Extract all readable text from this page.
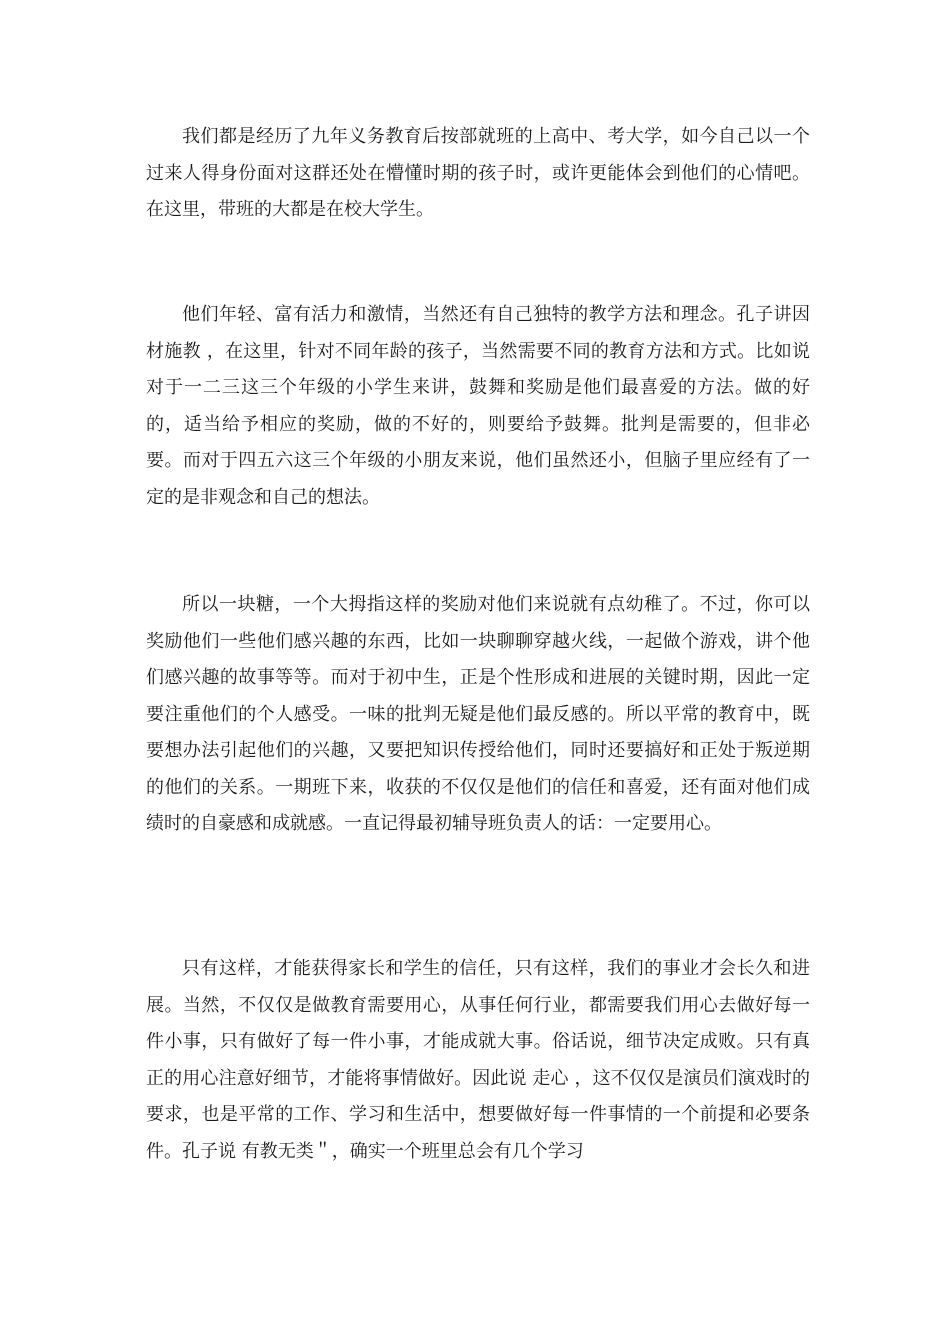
我们都是经历了九年义务教育后按部就班的上高中、考大学，如今自己以一个过来人得身份面对这群还处在懵懂时期的孩子时，或许更能体会到他们的心情吧。在这里，带班的大都是在校大学生。

他们年轻、富有活力和激情，当然还有自己独特的教学方法和理念。孔子讲因材施教 ，在这里，针对不同年龄的孩子，当然需要不同的教育方法和方式。比如说对于一二三这三个年级的小学生来讲，鼓舞和奖励是他们最喜爱的方法。做的好的，适当给予相应的奖励，做的不好的，则要给予鼓舞。批判是需要的，但非必要。而对于四五六这三个年级的小朋友来说，他们虽然还小，但脑子里应经有了一定的是非观念和自己的想法。

所以一块糖，一个大拇指这样的奖励对他们来说就有点幼稚了。不过，你可以奖励他们一些他们感兴趣的东西，比如一块聊聊穿越火线，一起做个游戏，讲个他们感兴趣的故事等等。而对于初中生，正是个性形成和进展的关键时期，因此一定要注重他们的个人感受。一味的批判无疑是他们最反感的。所以平常的教育中，既要想办法引起他们的兴趣，又要把知识传授给他们，同时还要搞好和正处于叛逆期的他们的关系。一期班下来，收获的不仅仅是他们的信任和喜爱，还有面对他们成绩时的自豪感和成就感。一直记得最初辅导班负责人的话：一定要用心。

只有这样，才能获得家长和学生的信任，只有这样，我们的事业才会长久和进展。当然，不仅仅是做教育需要用心，从事任何行业，都需要我们用心去做好每一件小事，只有做好了每一件小事，才能成就大事。俗话说，细节决定成败。只有真正的用心注意好细节，才能将事情做好。因此说 走心 ，这不仅仅是演员们演戏时的要求，也是平常的工作、学习和生活中，想要做好每一件事情的一个前提和必要条件。孔子说 有教无类＂，确实一个班里总会有几个学习
